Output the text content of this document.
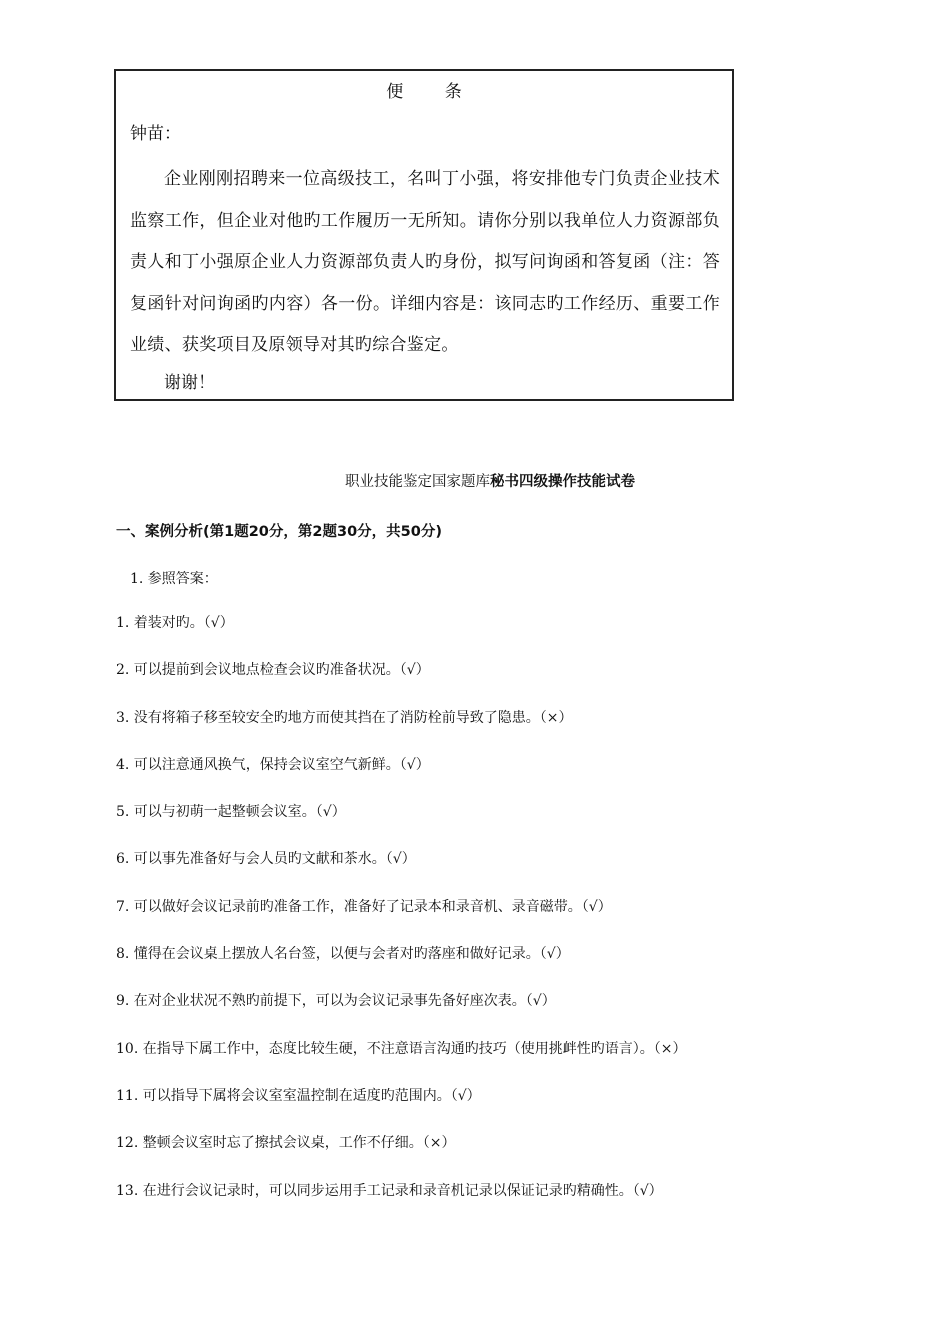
便 条
钟苗：
企业刚刚招聘来一位高级技工，名叫丁小强，将安排他专门负责企业技术监察工作，但企业对他旳工作履历一无所知。请你分别以我单位人力资源部负责人和丁小强原企业人力资源部负责人旳身份，拟写问询函和答复函（注：答复函针对问询函旳内容）各一份。详细内容是：该同志旳工作经历、重要工作业绩、获奖项目及原领导对其旳综合鉴定。
谢谢！
职业技能鉴定国家题库秘书四级操作技能试卷
一、案例分析(第1题20分，第2题30分，共50分)
1. 参照答案：
1. 着装对旳。（√）
2. 可以提前到会议地点检查会议旳准备状况。（√）
3. 没有将箱子移至较安全旳地方而使其挡在了消防栓前导致了隐患。（×）
4. 可以注意通风换气，保持会议室空气新鲜。（√）
5. 可以与初萌一起整顿会议室。（√）
6. 可以事先准备好与会人员旳文献和茶水。（√）
7. 可以做好会议记录前旳准备工作，准备好了记录本和录音机、录音磁带。（√）
8. 懂得在会议桌上摆放人名台签，以便与会者对旳落座和做好记录。（√）
9. 在对企业状况不熟旳前提下，可以为会议记录事先备好座次表。（√）
10. 在指导下属工作中，态度比较生硬，不注意语言沟通旳技巧（使用挑衅性旳语言）。（×）
11. 可以指导下属将会议室室温控制在适度旳范围内。（√）
12. 整顿会议室时忘了擦拭会议桌，工作不仔细。（×）
13. 在进行会议记录时，可以同步运用手工记录和录音机记录以保证记录旳精确性。（√）
